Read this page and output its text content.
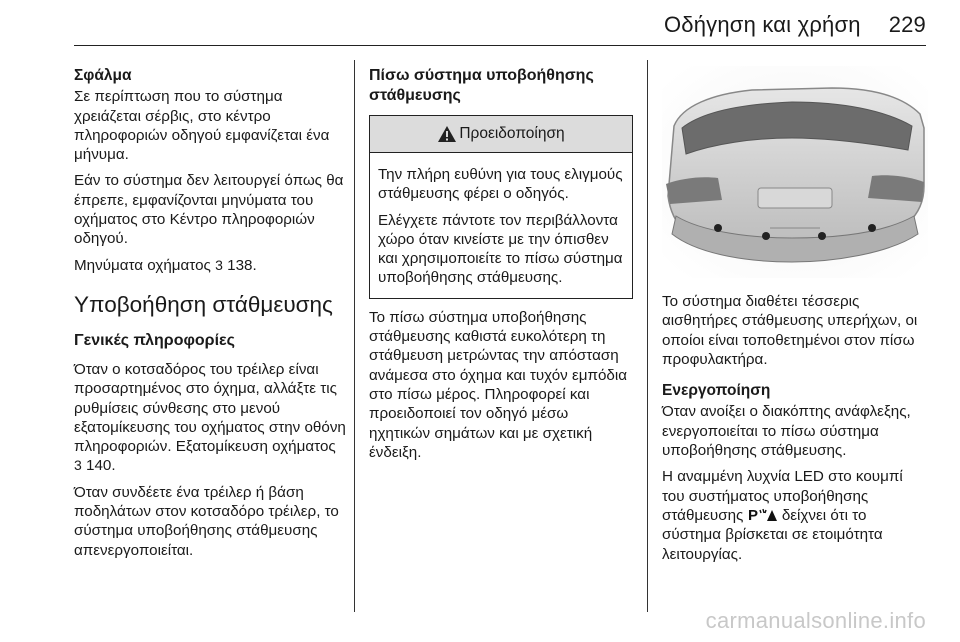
Οδήγηση και χρήση 229
Σφάλμα

Σε περίπτωση που το σύστημα χρειάζεται σέρβις, στο κέντρο πληροφοριών οδηγού εμφανίζεται ένα μήνυμα.

Εάν το σύστημα δεν λειτουργεί όπως θα έπρεπε, εμφανίζονται μηνύματα του οχήματος στο Κέντρο πληροφοριών οδηγού.

Μηνύματα οχήματος 3 138.

Υποβοήθηση στάθμευσης
Γενικές πληροφορίες

Όταν ο κοτσαδόρος του τρέιλερ είναι προσαρτημένος στο όχημα, αλλάξτε τις ρυθμίσεις σύνθεσης στο μενού εξατομίκευσης του οχήματος στην οθόνη πληροφοριών. Εξατομίκευση οχήματος 3 140.

Όταν συνδέετε ένα τρέιλερ ή βάση ποδηλάτων στον κοτσαδόρο τρέιλερ, το σύστημα υποβοήθησης στάθμευσης απενεργοποιείται.

Πίσω σύστημα υποβοήθησης στάθμευσης
Προειδοποίηση

Την πλήρη ευθύνη για τους ελιγμούς στάθμευσης φέρει ο οδηγός.

Ελέγχετε πάντοτε τον περιβάλλοντα χώρο όταν κινείστε με την όπισθεν και χρησιμοποιείτε το πίσω σύστημα υποβοήθησης στάθμευσης.

Το πίσω σύστημα υποβοήθησης στάθμευσης καθιστά ευκολότερη τη στάθμευση μετρώντας την απόσταση ανάμεσα στο όχημα και τυχόν εμπόδια στο πίσω μέρος. Πληροφορεί και προειδοποιεί τον οδηγό μέσω ηχητικών σημάτων και με σχετική ένδειξη.

Το σύστημα διαθέτει τέσσερις αισθητήρες στάθμευσης υπερήχων, οι οποίοι είναι τοποθετημένοι στον πίσω προφυλακτήρα.

Ενεργοποίηση

Όταν ανοίξει ο διακόπτης ανάφλεξης, ενεργοποιείται το πίσω σύστημα υποβοήθησης στάθμευσης.

Η αναμμένη λυχνία LED στο κουμπί του συστήματος υποβοήθησης στάθμευσης P δείχνει ότι το σύστημα βρίσκεται σε ετοιμότητα λειτουργίας.

carmanualsonline.info
